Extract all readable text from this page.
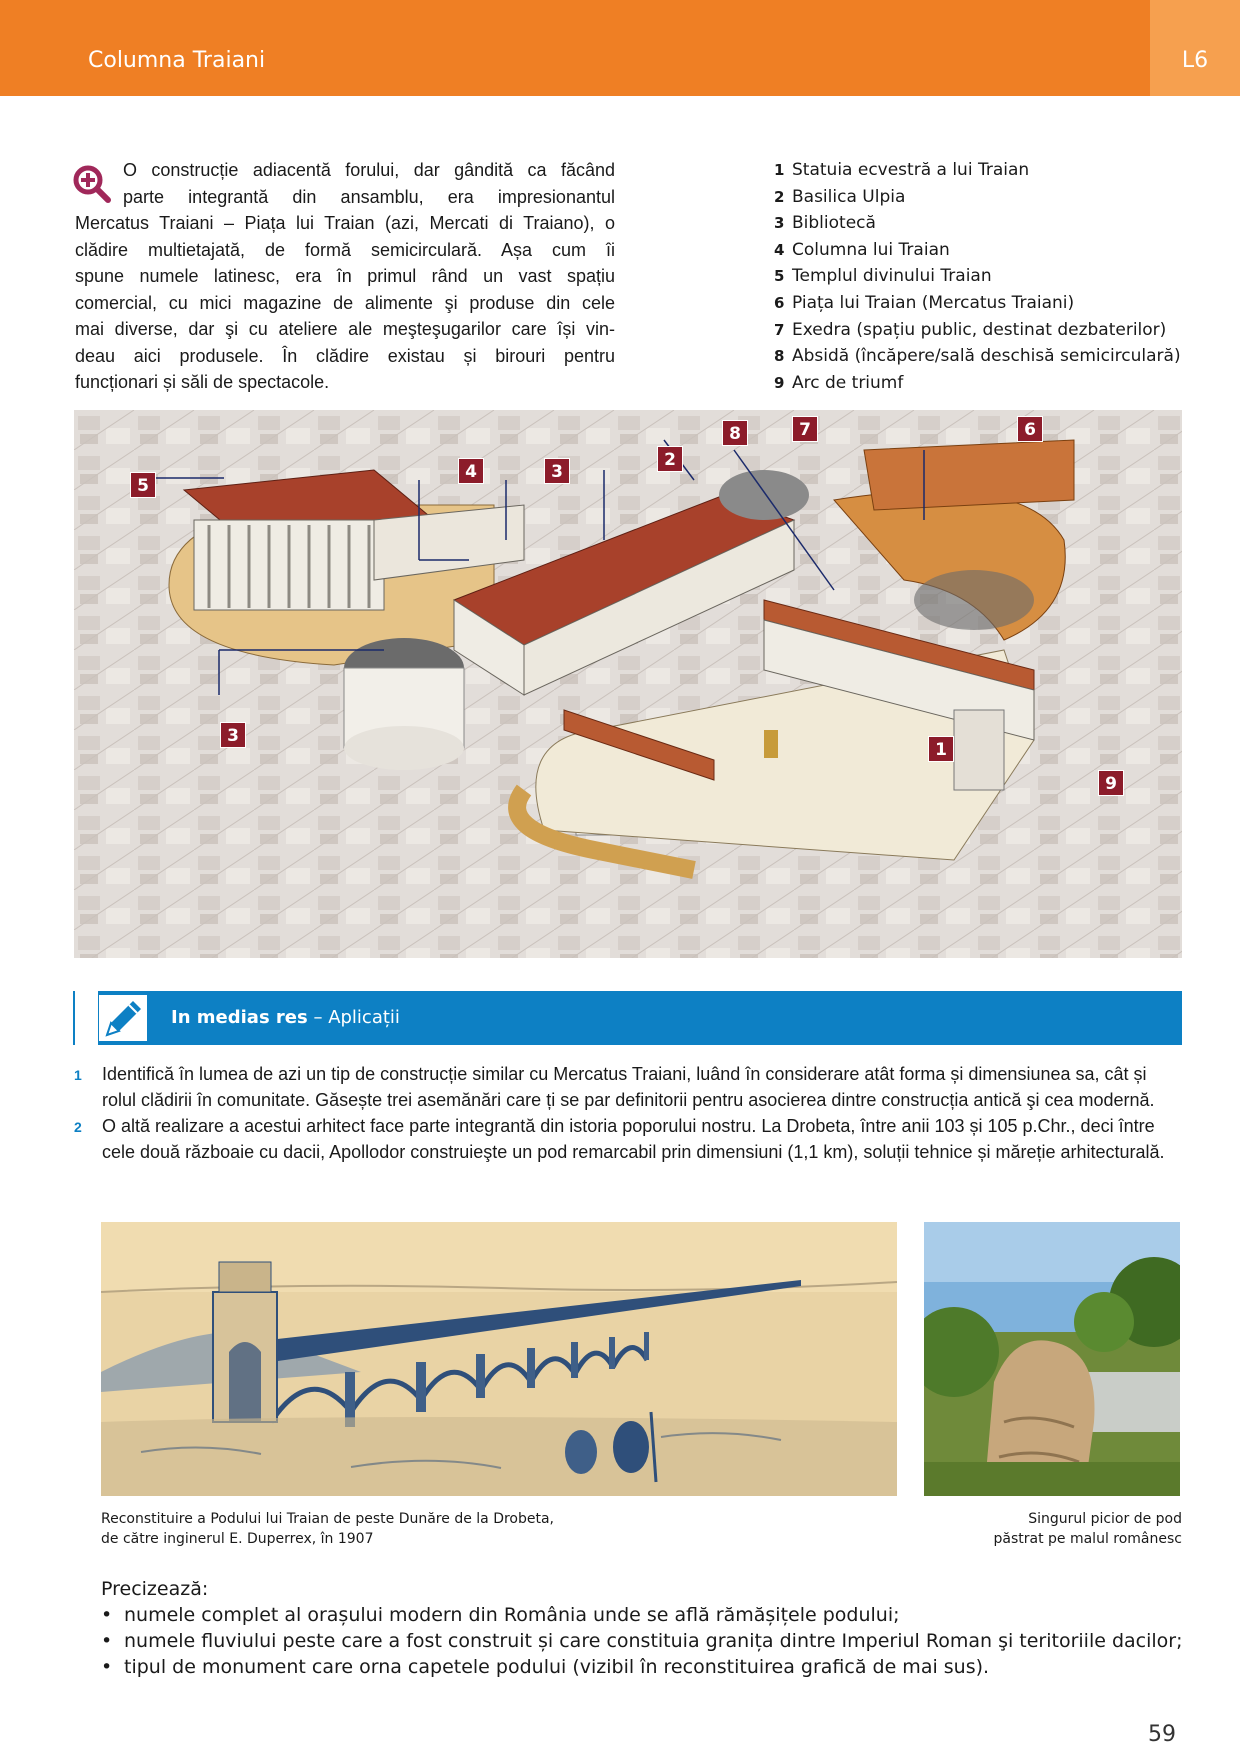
Columna Traiani	L6
O construcție adiacentă forului, dar gândită ca făcând
parte integrantă din ansamblu, era impresionantul
Mercatus Traiani – Piața lui Traian (azi, Mercati di Traiano), o
clădire multietajată, de formă semicirculară. Așa cum îi
spune numele latinesc, era în primul rând un vast spațiu
comercial, cu mici magazine de alimente şi produse din cele
mai diverse, dar şi cu ateliere ale meşteşugarilor care își vin-
deau aici produsele. În clădire existau și birouri pentru
funcționari și săli de spectacole.
1 Statuia ecvestră a lui Traian
2 Basilica Ulpia
3 Bibliotecă
4 Columna lui Traian
5 Templul divinului Traian
6 Piața lui Traian (Mercatus Traiani)
7 Exedra (spațiu public, destinat dezbaterilor)
8 Absidă (încăpere/sală deschisă semicirculară)
9 Arc de triumf
1
2
3
3
4
5
6
7
8
9
In medias res – Aplicații
1 Identifică în lumea de azi un tip de construcție similar cu Mercatus Traiani, luând în considerare atât forma și dimensiunea sa, cât și rolul clădirii în comunitate. Găsește trei asemănări care ți se par definitorii pentru asocierea dintre construcția antică şi cea modernă.
2 O altă realizare a acestui arhitect face parte integrantă din istoria poporului nostru. La Drobeta, între anii 103 și 105 p.Chr., deci între cele două războaie cu dacii, Apollodor construieşte un pod remarcabil prin dimensiuni (1,1 km), soluții tehnice și măreție arhitecturală.
Reconstituire a Podului lui Traian de peste Dunăre de la Drobeta,
de către inginerul E. Duperrex, în 1907
Singurul picior de pod
păstrat pe malul românesc
Precizează:
• numele complet al orașului modern din România unde se află rămășițele podului;
• numele fluviului peste care a fost construit și care constituia granița dintre Imperiul Roman şi teritoriile dacilor;
• tipul de monument care orna capetele podului (vizibil în reconstituirea grafică de mai sus).
59
